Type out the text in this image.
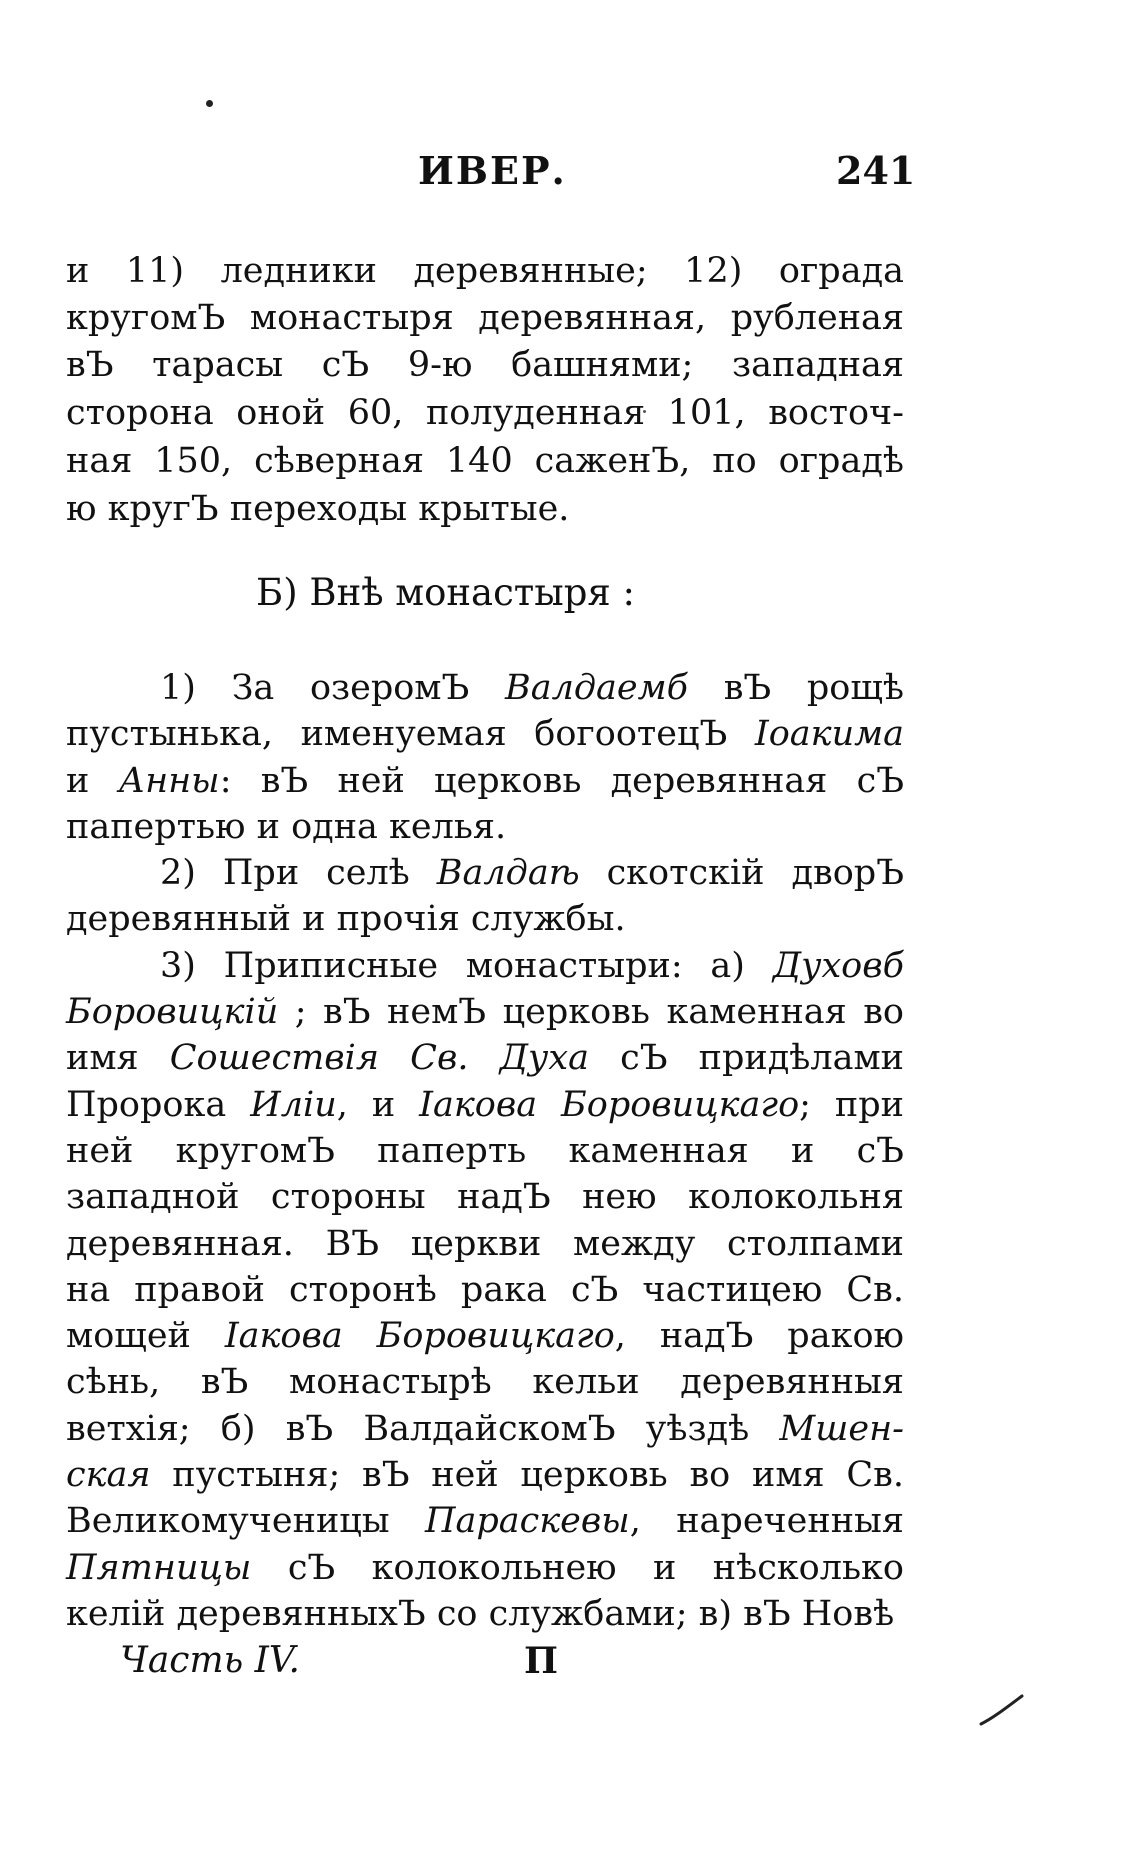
ИВЕР.	241
и 11) ледники деревянные; 12) ограда
кругомЪ монастыря деревянная, рубленая
вЪ тарасы сЪ 9-ю башнями; западная
сторона оной 60, полуденная 101, восточ-
ная 150, сѣверная 140 саженЪ, по оградѣ
ю кругЪ переходы крытые.
Б) Внѣ монастыря :
1) За озеромЪ Валдаемб вЪ рощѣ
пустынька, именуемая богоотецЪ Іоакима
и Анны: вЪ ней церковь деревянная сЪ
папертью и одна келья.
2) При селѣ Валдаѣ скотскій дворЪ
деревянный и прочія службы.
3) Приписные монастыри: а) Духовб
Боровицкій ; вЪ немЪ церковь каменная во
имя Сошествія Св. Духа сЪ придѣлами
Пророка Иліи, и Іакова Боровицкаго; при
ней кругомЪ паперть каменная и сЪ
западной стороны надЪ нею колокольня
деревянная. ВЪ церкви между столпами
на правой сторонѣ рака сЪ частицею Св.
мощей Іакова Боровицкаго, надЪ ракою
сѣнь, вЪ монастырѣ кельи деревянныя
ветхія; б) вЪ ВалдайскомЪ уѣздѣ Мшен-
ская пустыня; вЪ ней церковь во имя Св.
Великомученицы Параскевы, нареченныя
Пятницы сЪ колокольнею и нѣсколько
келій деревянныхЪ со службами; в) вЪ Новѣ
Часть IV.	П
